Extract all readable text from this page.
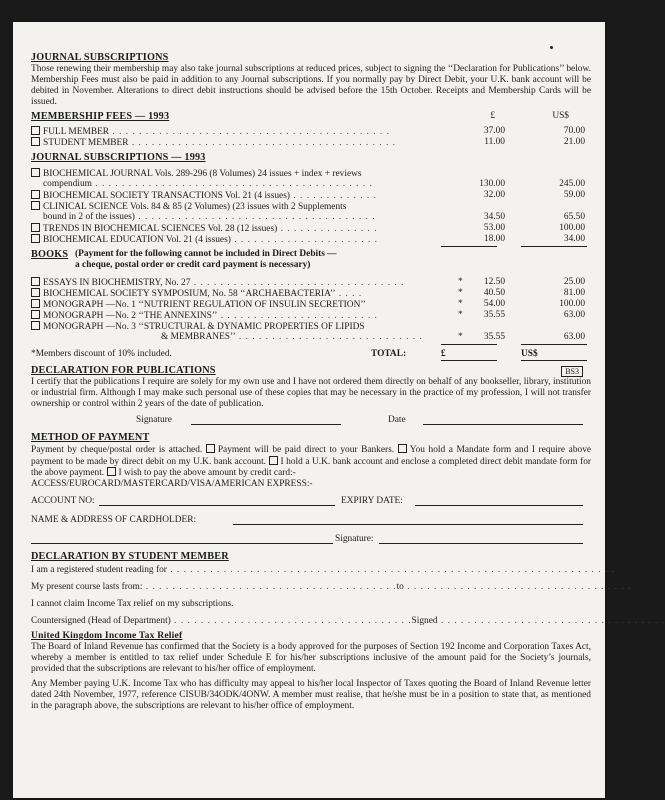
JOURNAL SUBSCRIPTIONS
Those renewing their membership may also take journal subscriptions at reduced prices, subject to signing the ‘‘Declaration for Publications’’ below. Membership Fees must also be paid in addition to any Journal subscriptions. If you normally pay by Direct Debit, your U.K. bank account will be debited in November. Alterations to direct debit instructions should be advised before the 15th October. Receipts and Membership Cards will be issued.
MEMBERSHIP FEES — 1993	£	US$
FULL MEMBER . . . . . . . . . . . . . . . . . . . . . . . . . . . . . . . . . . . . . . . . . .	37.00	70.00
STUDENT MEMBER . . . . . . . . . . . . . . . . . . . . . . . . . . . . . . . . . . . . . . . .	11.00	21.00
JOURNAL SUBSCRIPTIONS — 1993
BIOCHEMICAL JOURNAL Vols. 289-296 (8 Volumes) 24 issues + index + reviews
compendium . . . . . . . . . . . . . . . . . . . . . . . . . . . . . . . . . . . . . . . . . .	130.00	245.00
BIOCHEMICAL SOCIETY TRANSACTIONS Vol. 21 (4 issues) . . . . . . . . . . . . .	32.00	59.00
CLINICAL SCIENCE Vols. 84 & 85 (2 Volumes) (23 issues with 2 Supplements
bound in 2 of the issues) . . . . . . . . . . . . . . . . . . . . . . . . . . . . . . . . . . . .	34.50	65.50
TRENDS IN BIOCHEMICAL SCIENCES Vol. 28 (12 issues) . . . . . . . . . . . . . . .	53.00	100.00
BIOCHEMICAL EDUCATION Vol. 21 (4 issues) . . . . . . . . . . . . . . . . . . . . . .	18.00	34.00
BOOKS (Payment for the following cannot be included in Direct Debits —
a cheque, postal order or credit card payment is necessary)
ESSAYS IN BIOCHEMISTRY, No. 27 . . . . . . . . . . . . . . . . . . . . . . . . . . . . . . . .	* 12.50	25.00
BIOCHEMICAL SOCIETY SYMPOSIUM, No. 58 ‘‘ARCHAEBACTERIA’’ . . . .	* 40.50	81.00
MONOGRAPH —No. 1 ‘‘NUTRIENT REGULATION OF INSULIN SECRETION’’	* 54.00	100.00
MONOGRAPH —No. 2 ‘‘THE ANNEXINS’’ . . . . . . . . . . . . . . . . . . . . . . . .	* 35.55	63.00
MONOGRAPH —No. 3 ‘‘STRUCTURAL & DYNAMIC PROPERTIES OF LIPIDS
& MEMBRANES’’ . . . . . . . . . . . . . . . . . . . . . . . . . . . .	* 35.55	63.00
*Members discount of 10% included.	TOTAL:	£	US$
DECLARATION FOR PUBLICATIONS	BS3
I certify that the publications I require are solely for my own use and I have not ordered them directly on behalf of any bookseller, library, institution or industrial firm. Although I may make such personal use of these copies that may be necessary in the practice of my profession, I will not transfer ownership or control within 2 years of the date of publication.
Signature	Date
METHOD OF PAYMENT
Payment by cheque/postal order is attached. Payment will be paid direct to your Bankers. You hold a Mandate form and I require above payment to be made by direct debit on my U.K. bank account. I hold a U.K. bank account and enclose a completed direct debit mandate form for the above payment. I wish to pay the above amount by credit card:-
ACCESS/EUROCARD/MASTERCARD/VISA/AMERICAN EXPRESS:-
ACCOUNT NO:	EXPIRY DATE:
NAME & ADDRESS OF CARDHOLDER:
Signature:
DECLARATION BY STUDENT MEMBER
I am a registered student reading for . . . . . . . . . . . . . . . . . . . . . . . . . . . . . . . . . . . . . . . . . . . . . . . . . . . . . . . . . . . . . . . . . . .
My present course lasts from: . . . . . . . . . . . . . . . . . . . . . . . . . . . . . . . . . . . . . .to . . . . . . . . . . . . . . . . . . . . . . . . . . . . . . . . . .
I cannot claim Income Tax relief on my subscriptions.
Countersigned (Head of Department) . . . . . . . . . . . . . . . . . . . . . . . . . . . . . . . . . . . .Signed . . . . . . . . . . . . . . . . . . . . . . . . . . . . . . . . . .
United Kingdom Income Tax Relief
The Board of Inland Revenue has confirmed that the Society is a body approved for the purposes of Section 192 Income and Corporation Taxes Act, whereby a member is entitled to tax relief under Schedule E for his/her subscriptions inclusive of the amount paid for the Society’s journals, provided that the subscriptions are relevant to his/her office of employment.
Any Member paying U.K. Income Tax who has difficulty may appeal to his/her local Inspector of Taxes quoting the Board of Inland Revenue letter dated 24th November, 1977, reference CISUB/34ODK/4ONW. A member must realise, that he/she must be in a position to state that, as mentioned in the paragraph above, the subscriptions are relevant to his/her office of employment.
